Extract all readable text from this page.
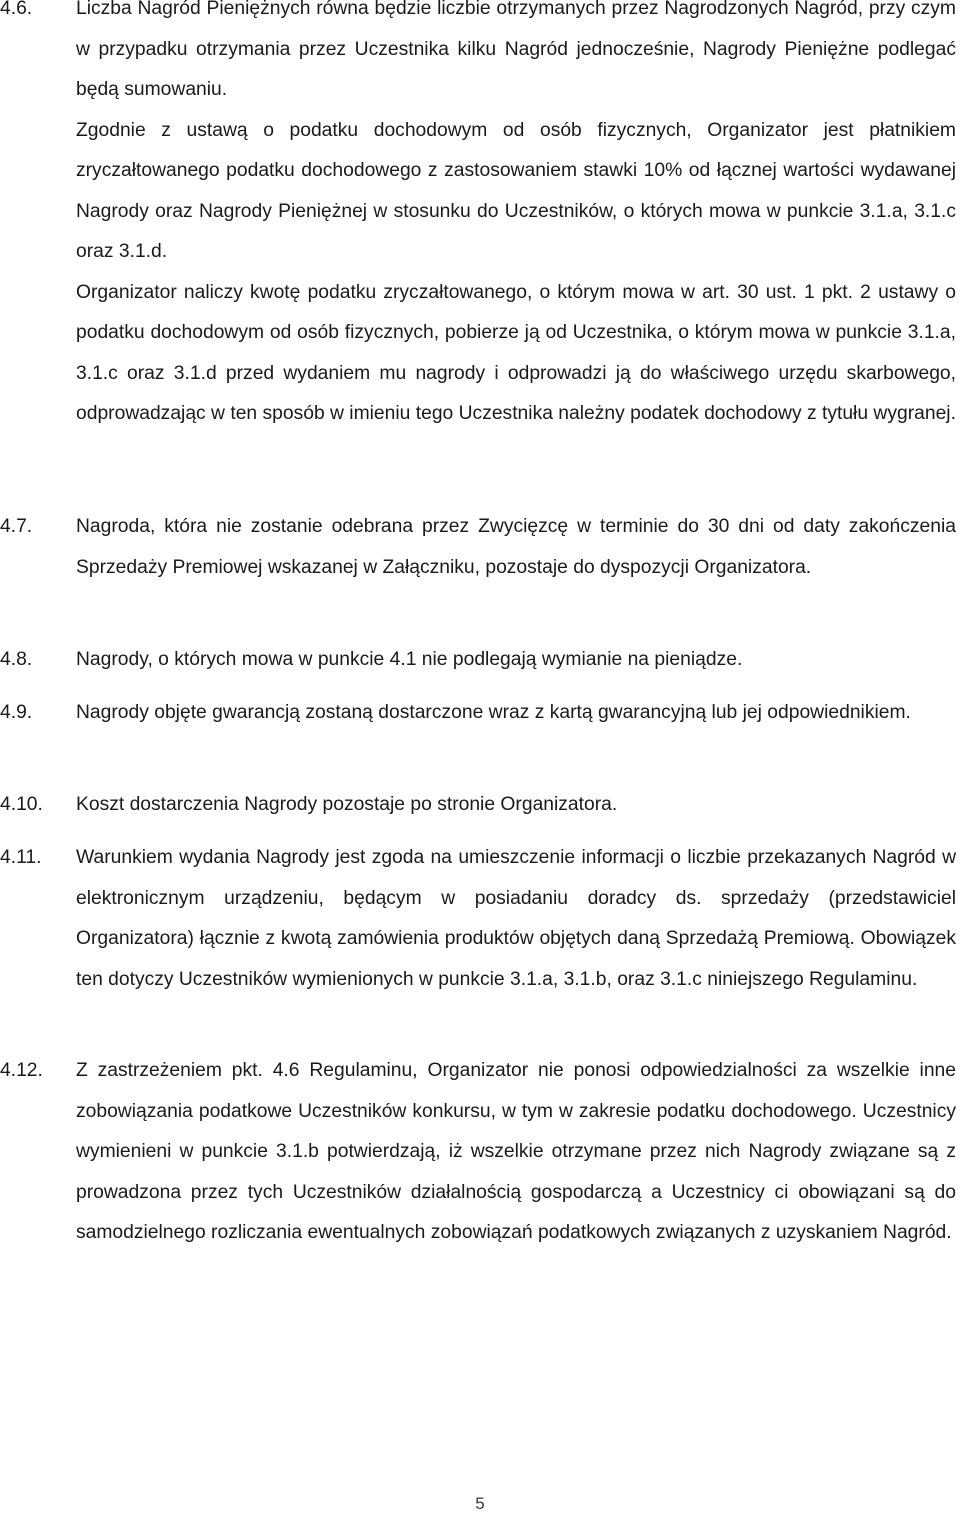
4.6.	Liczba Nagród Pieniężnych równa będzie liczbie otrzymanych przez Nagrodzonych Nagród, przy czym w przypadku otrzymania przez Uczestnika kilku Nagród jednocześnie, Nagrody Pieniężne podlegać będą sumowaniu.
Zgodnie z ustawą o podatku dochodowym od osób fizycznych, Organizator jest płatnikiem zryczałtowanego podatku dochodowego z zastosowaniem stawki 10% od łącznej wartości wydawanej Nagrody oraz Nagrody Pieniężnej w stosunku do Uczestników, o których mowa w punkcie 3.1.a, 3.1.c oraz 3.1.d.
Organizator naliczy kwotę podatku zryczałtowanego, o którym mowa w art. 30 ust. 1 pkt. 2 ustawy o podatku dochodowym od osób fizycznych, pobierze ją od Uczestnika, o którym mowa w punkcie 3.1.a, 3.1.c oraz 3.1.d przed wydaniem mu nagrody i odprowadzi ją do właściwego urzędu skarbowego, odprowadzając w ten sposób w imieniu tego Uczestnika należny podatek dochodowy z tytułu wygranej.
4.7.	Nagroda, która nie zostanie odebrana przez Zwycięzcę w terminie do 30 dni od daty zakończenia Sprzedaży Premiowej wskazanej w Załączniku, pozostaje do dyspozycji Organizatora.
4.8.	Nagrody, o których mowa w punkcie 4.1 nie podlegają wymianie na pieniądze.
4.9.	Nagrody objęte gwarancją zostaną dostarczone wraz z kartą gwarancyjną lub jej odpowiednikiem.
4.10.	Koszt dostarczenia Nagrody pozostaje po stronie Organizatora.
4.11.	Warunkiem wydania Nagrody jest zgoda na umieszczenie informacji o liczbie przekazanych Nagród w elektronicznym urządzeniu, będącym w posiadaniu doradcy ds. sprzedaży (przedstawiciel Organizatora) łącznie z kwotą zamówienia produktów objętych daną Sprzedażą Premiową. Obowiązek ten dotyczy Uczestników wymienionych w punkcie 3.1.a, 3.1.b, oraz 3.1.c niniejszego Regulaminu.
4.12.	Z zastrzeżeniem pkt. 4.6 Regulaminu, Organizator nie ponosi odpowiedzialności za wszelkie inne zobowiązania podatkowe Uczestników konkursu, w tym w zakresie podatku dochodowego. Uczestnicy wymienieni w punkcie 3.1.b potwierdzają, iż wszelkie otrzymane przez nich Nagrody związane są z prowadzona przez tych Uczestników działalnością gospodarczą a Uczestnicy ci obowiązani są do samodzielnego rozliczania ewentualnych zobowiązań podatkowych związanych z uzyskaniem Nagród.
5
